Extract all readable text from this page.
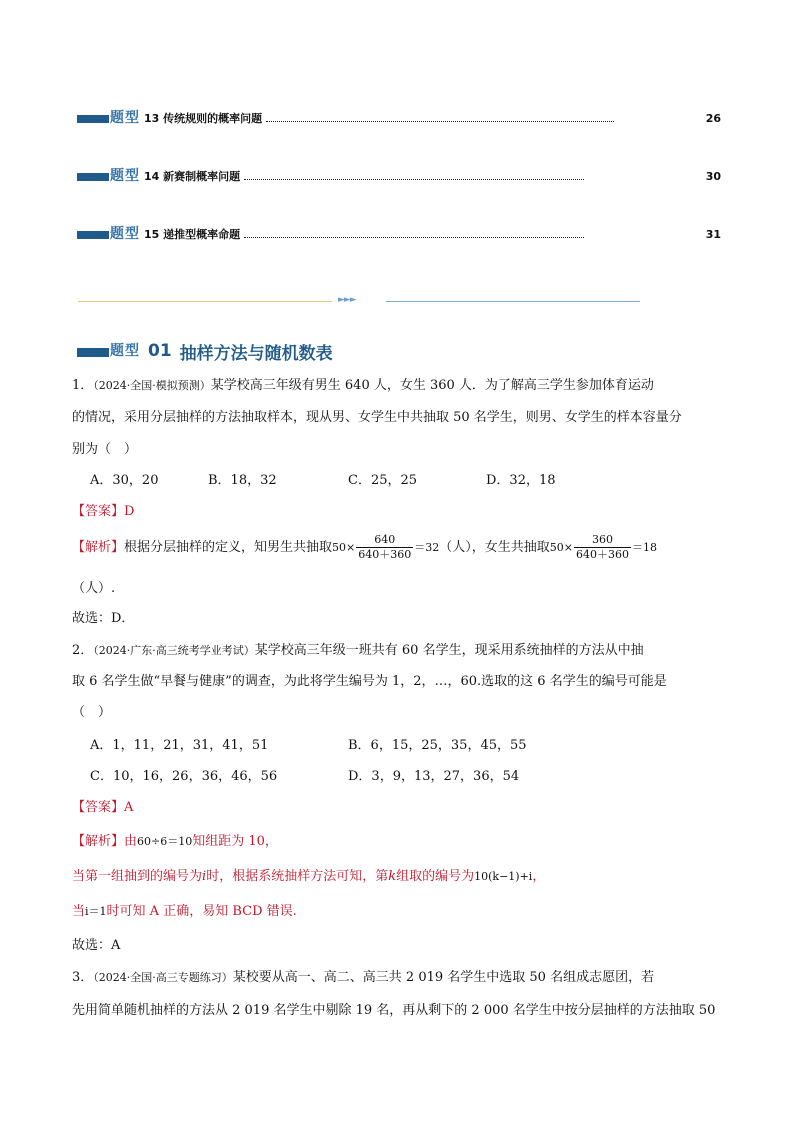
题型 13 传统规则的概率问题	26
题型 14 新赛制概率问题	30
题型 15 递推型概率命题	31
►►►
题型 01 抽样方法与随机数表
1．（2024·全国·模拟预测）某学校高三年级有男生 640 人，女生 360 人．为了解高三学生参加体育运动
的情况，采用分层抽样的方法抽取样本，现从男、女学生中共抽取 50 名学生，则男、女学生的样本容量分
别为（　）
A．30，20	B．18，32	C．25，25	D．32，18
【答案】D
【解析】根据分层抽样的定义，知男生共抽取$50\times \frac{640}{640+360} =32$（人），女生共抽取$50\times \frac{360}{640+360} =18$
（人）.
故选：D．
2．（2024·广东·高三统考学业考试）某学校高三年级一班共有 60 名学生，现采用系统抽样的方法从中抽
取 6 名学生做“早餐与健康”的调查，为此将学生编号为 1，2，…，60.选取的这 6 名学生的编号可能是
（　）
A．1，11，21，31，41，51	B．6，15，25，35，45，55
C．10，16，26，36，46，56	D．3，9，13，27，36，54
【答案】A
【解析】由60÷6＝10知组距为 10，
当第一组抽到的编号为i时，根据系统抽样方法可知，第k组取的编号为10(k−1)+i，
当i＝1时可知 A 正确，易知 BCD 错误.
故选：A
3．（2024·全国·高三专题练习）某校要从高一、高二、高三共 2 019 名学生中选取 50 名组成志愿团，若
先用简单随机抽样的方法从 2 019 名学生中剔除 19 名，再从剩下的 2 000 名学生中按分层抽样的方法抽取 50
